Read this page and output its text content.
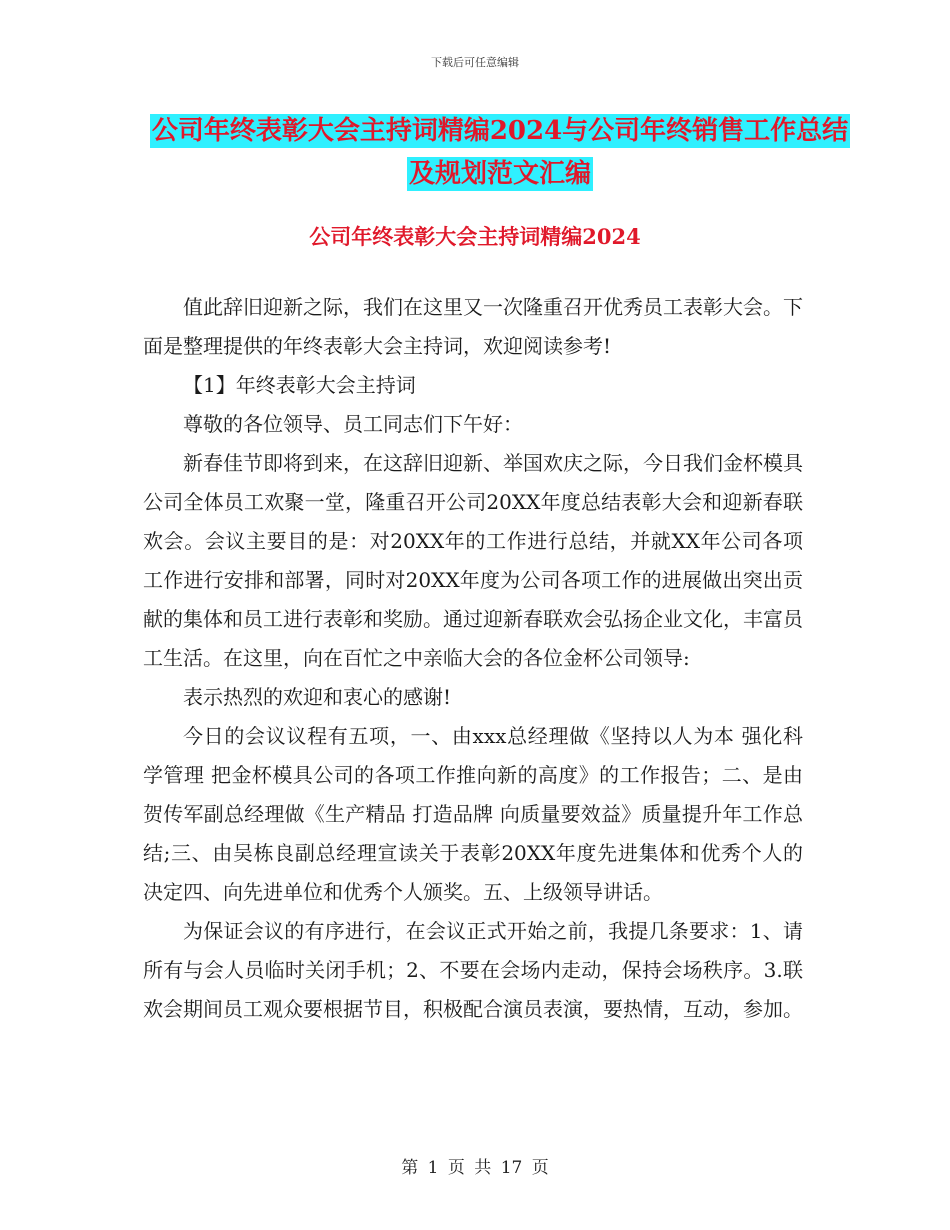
下载后可任意编辑
公司年终表彰大会主持词精编2024与公司年终销售工作总结及规划范文汇编
公司年终表彰大会主持词精编2024

值此辞旧迎新之际，我们在这里又一次隆重召开优秀员工表彰大会。下面是整理提供的年终表彰大会主持词，欢迎阅读参考!

【1】年终表彰大会主持词

尊敬的各位领导、员工同志们下午好：

新春佳节即将到来，在这辞旧迎新、举国欢庆之际，今日我们金杯模具公司全体员工欢聚一堂，隆重召开公司20XX年度总结表彰大会和迎新春联欢会。会议主要目的是：对20XX年的工作进行总结，并就XX年公司各项工作进行安排和部署，同时对20XX年度为公司各项工作的进展做出突出贡献的集体和员工进行表彰和奖励。通过迎新春联欢会弘扬企业文化，丰富员工生活。在这里，向在百忙之中亲临大会的各位金杯公司领导:

表示热烈的欢迎和衷心的感谢!

今日的会议议程有五项，一、由xxx总经理做《坚持以人为本 强化科学管理 把金杯模具公司的各项工作推向新的高度》的工作报告；二、是由贺传军副总经理做《生产精品 打造品牌 向质量要效益》质量提升年工作总结;三、由吴栋良副总经理宣读关于表彰20XX年度先进集体和优秀个人的决定四、向先进单位和优秀个人颁奖。五、上级领导讲话。

为保证会议的有序进行，在会议正式开始之前，我提几条要求：1、请所有与会人员临时关闭手机；2、不要在会场内走动，保持会场秩序。3.联欢会期间员工观众要根据节目，积极配合演员表演，要热情，互动，参加。

第 1 页 共 17 页
